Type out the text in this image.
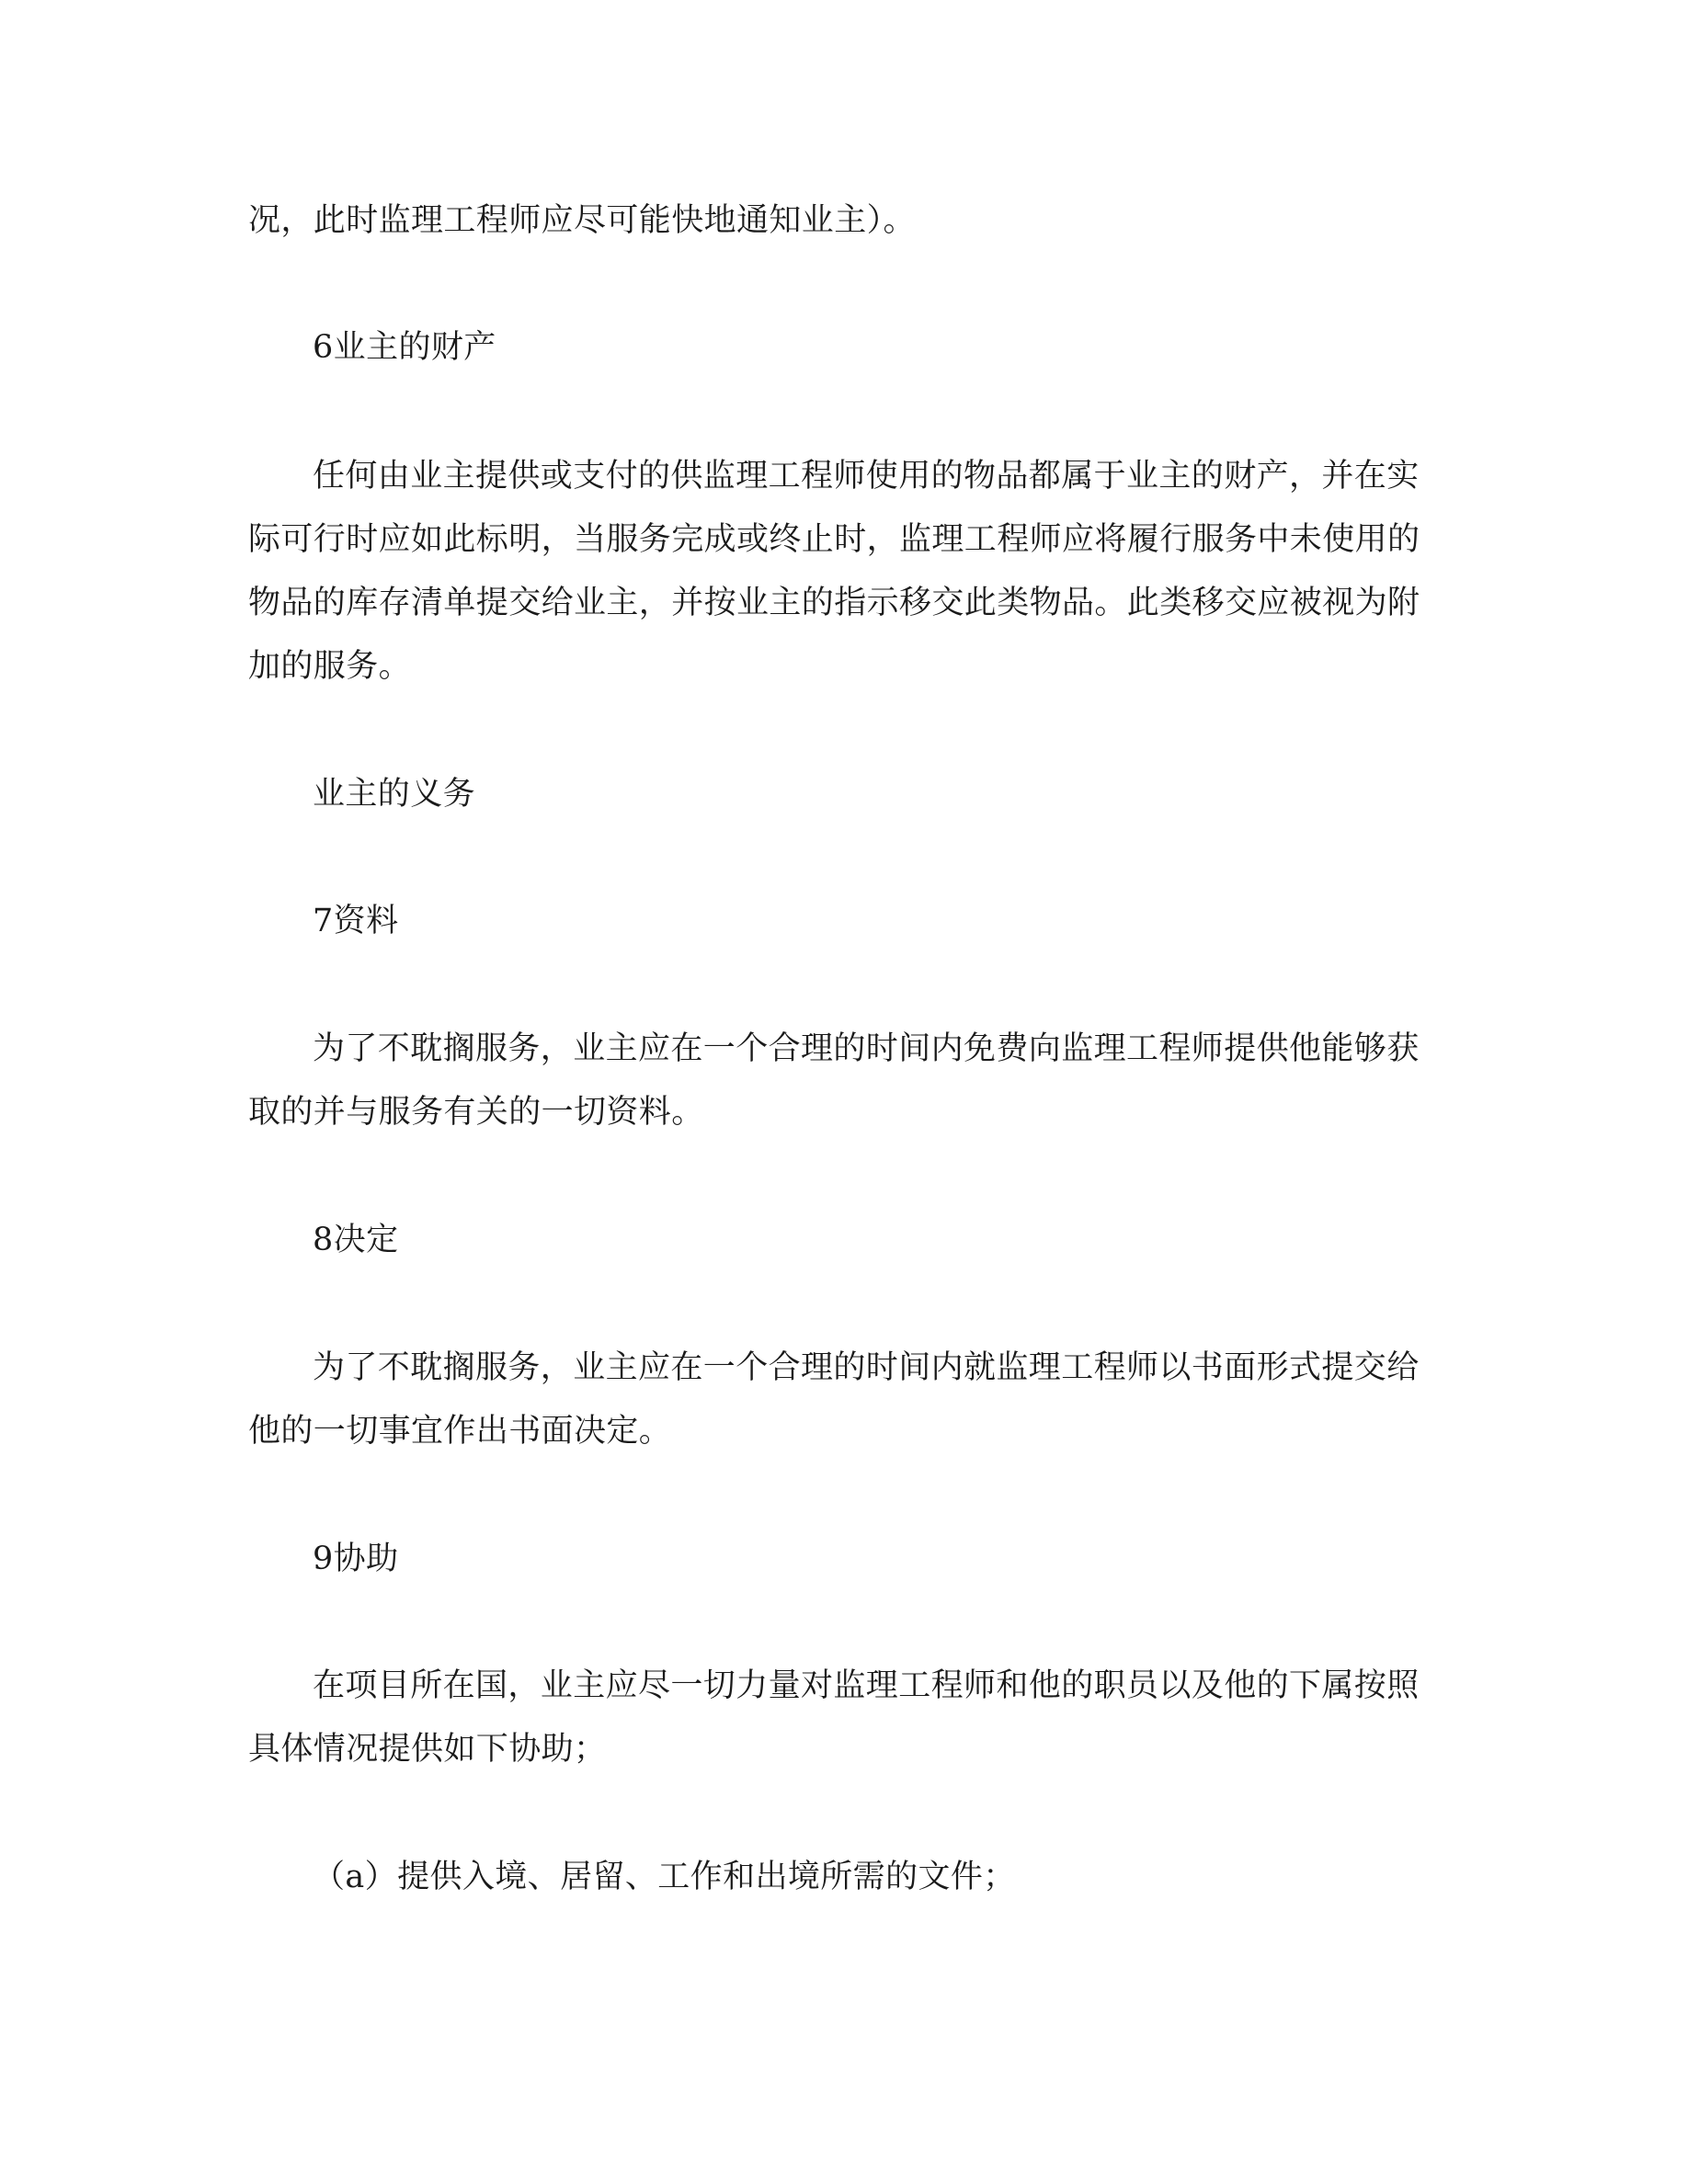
况，此时监理工程师应尽可能快地通知业主）。
6业主的财产
任何由业主提供或支付的供监理工程师使用的物品都属于业主的财产，并在实
际可行时应如此标明，当服务完成或终止时，监理工程师应将履行服务中未使用的
物品的库存清单提交给业主，并按业主的指示移交此类物品。此类移交应被视为附
加的服务。
业主的义务
7资料
为了不耽搁服务，业主应在一个合理的时间内免费向监理工程师提供他能够获
取的并与服务有关的一切资料。
8决定
为了不耽搁服务，业主应在一个合理的时间内就监理工程师以书面形式提交给
他的一切事宜作出书面决定。
9协助
在项目所在国，业主应尽一切力量对监理工程师和他的职员以及他的下属按照
具体情况提供如下协助；
（a）提供入境、居留、工作和出境所需的文件；
